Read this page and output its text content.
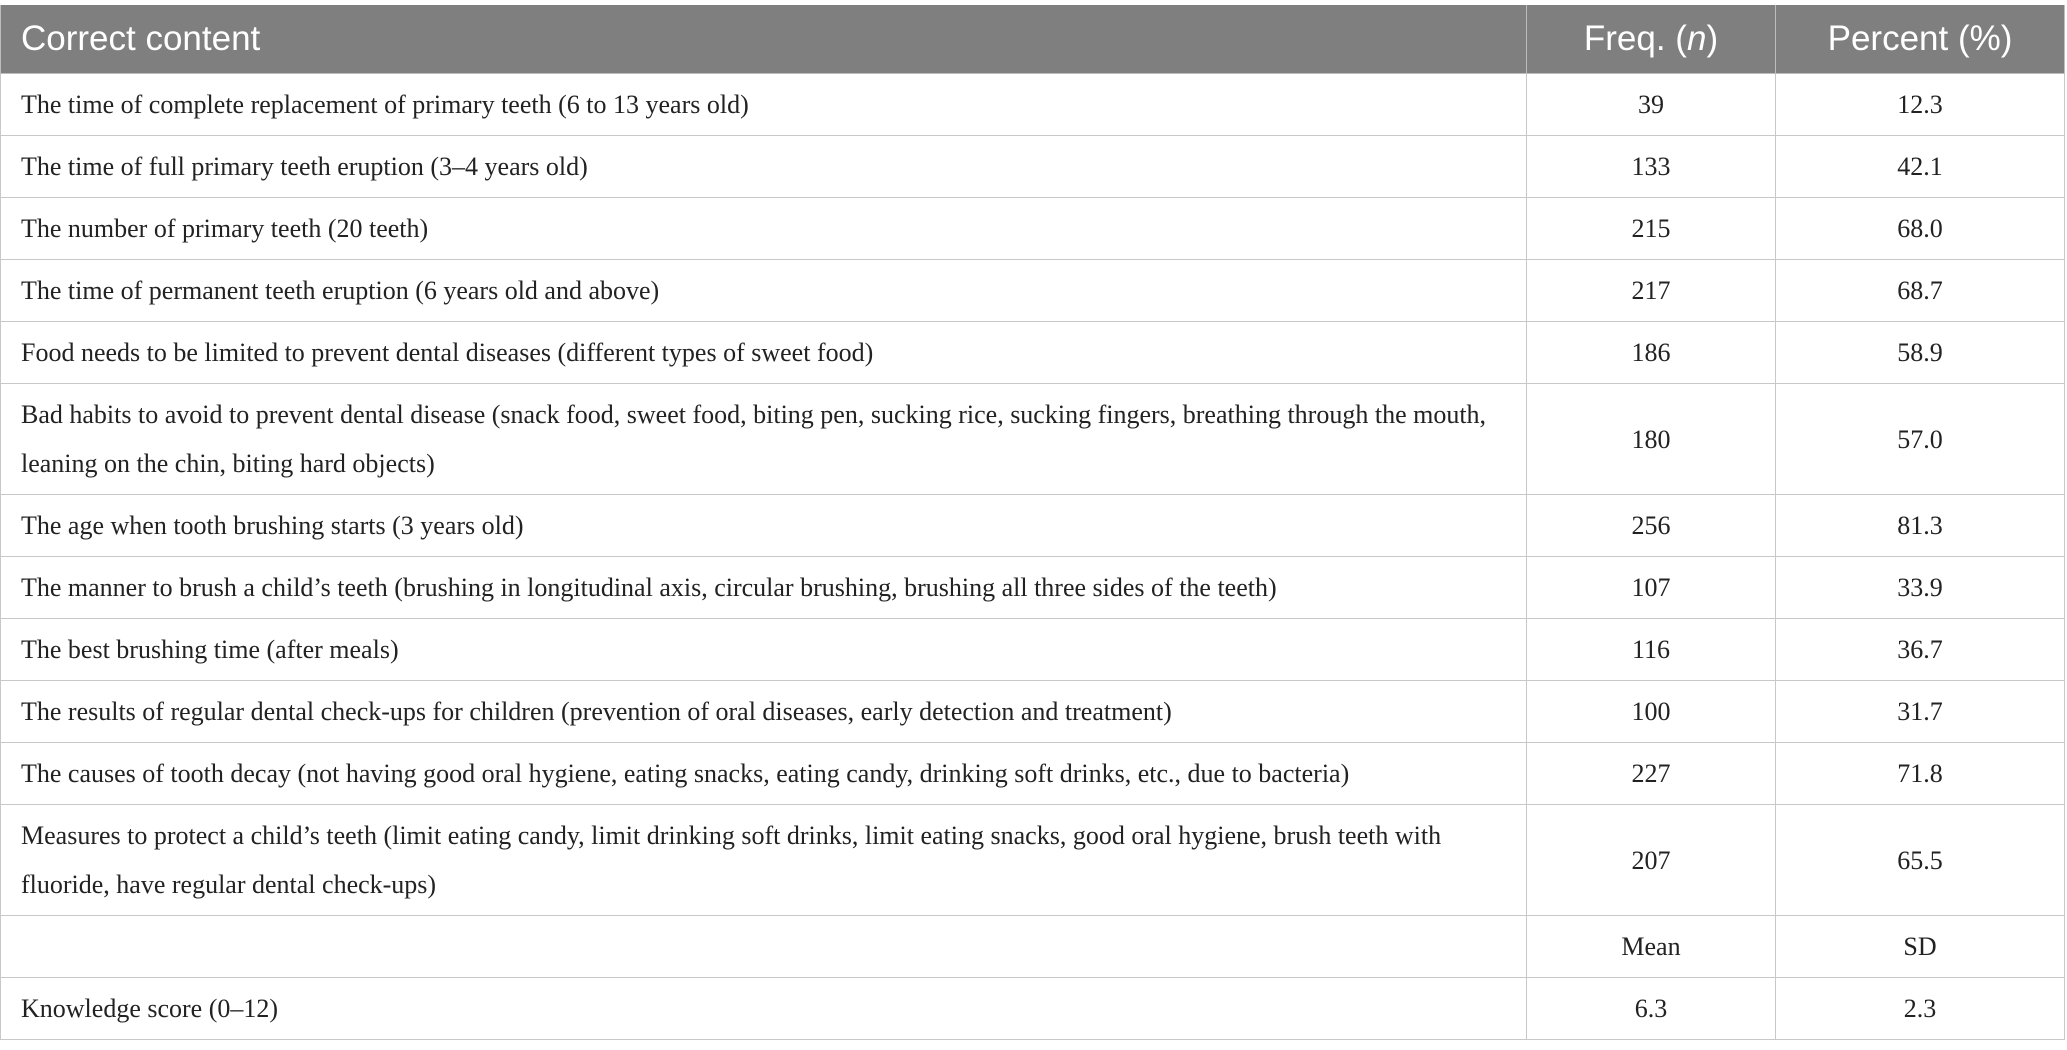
Correct content	Freq. (n)	Percent (%)
The time of complete replacement of primary teeth (6 to 13 years old)	39	12.3
The time of full primary teeth eruption (3–4 years old)	133	42.1
The number of primary teeth (20 teeth)	215	68.0
The time of permanent teeth eruption (6 years old and above)	217	68.7
Food needs to be limited to prevent dental diseases (different types of sweet food)	186	58.9
Bad habits to avoid to prevent dental disease (snack food, sweet food, biting pen, sucking rice, sucking fingers, breathing through the mouth, leaning on the chin, biting hard objects)	180	57.0
The age when tooth brushing starts (3 years old)	256	81.3
The manner to brush a child’s teeth (brushing in longitudinal axis, circular brushing, brushing all three sides of the teeth)	107	33.9
The best brushing time (after meals)	116	36.7
The results of regular dental check-ups for children (prevention of oral diseases, early detection and treatment)	100	31.7
The causes of tooth decay (not having good oral hygiene, eating snacks, eating candy, drinking soft drinks, etc., due to bacteria)	227	71.8
Measures to protect a child’s teeth (limit eating candy, limit drinking soft drinks, limit eating snacks, good oral hygiene, brush teeth with fluoride, have regular dental check-ups)	207	65.5
	Mean	SD
Knowledge score (0–12)	6.3	2.3
